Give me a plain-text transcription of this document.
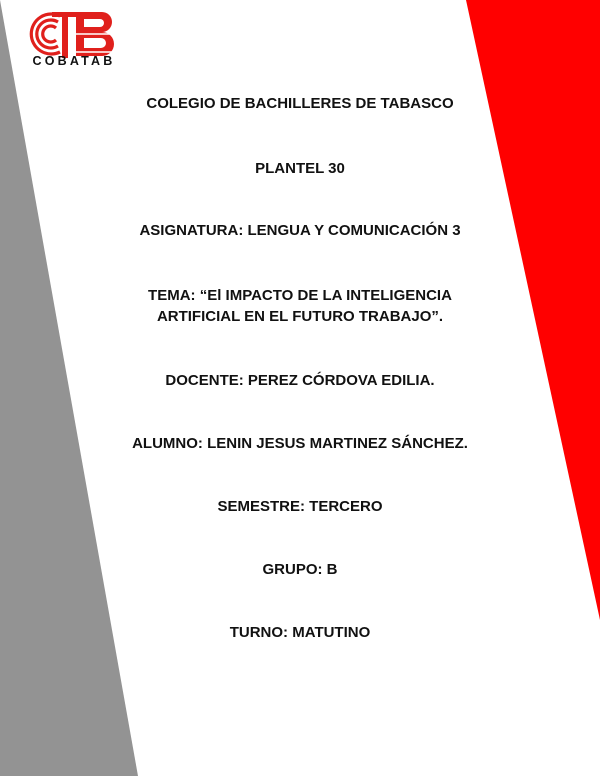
COBATAB
COLEGIO DE BACHILLERES DE TABASCO
PLANTEL 30
ASIGNATURA: LENGUA Y COMUNICACIÓN 3
TEMA: “El IMPACTO DE LA INTELIGENCIA
ARTIFICIAL EN EL FUTURO TRABAJO”.
DOCENTE: PEREZ CÓRDOVA EDILIA.
ALUMNO: LENIN JESUS MARTINEZ SÁNCHEZ.
SEMESTRE: TERCERO
GRUPO: B
TURNO: MATUTINO
